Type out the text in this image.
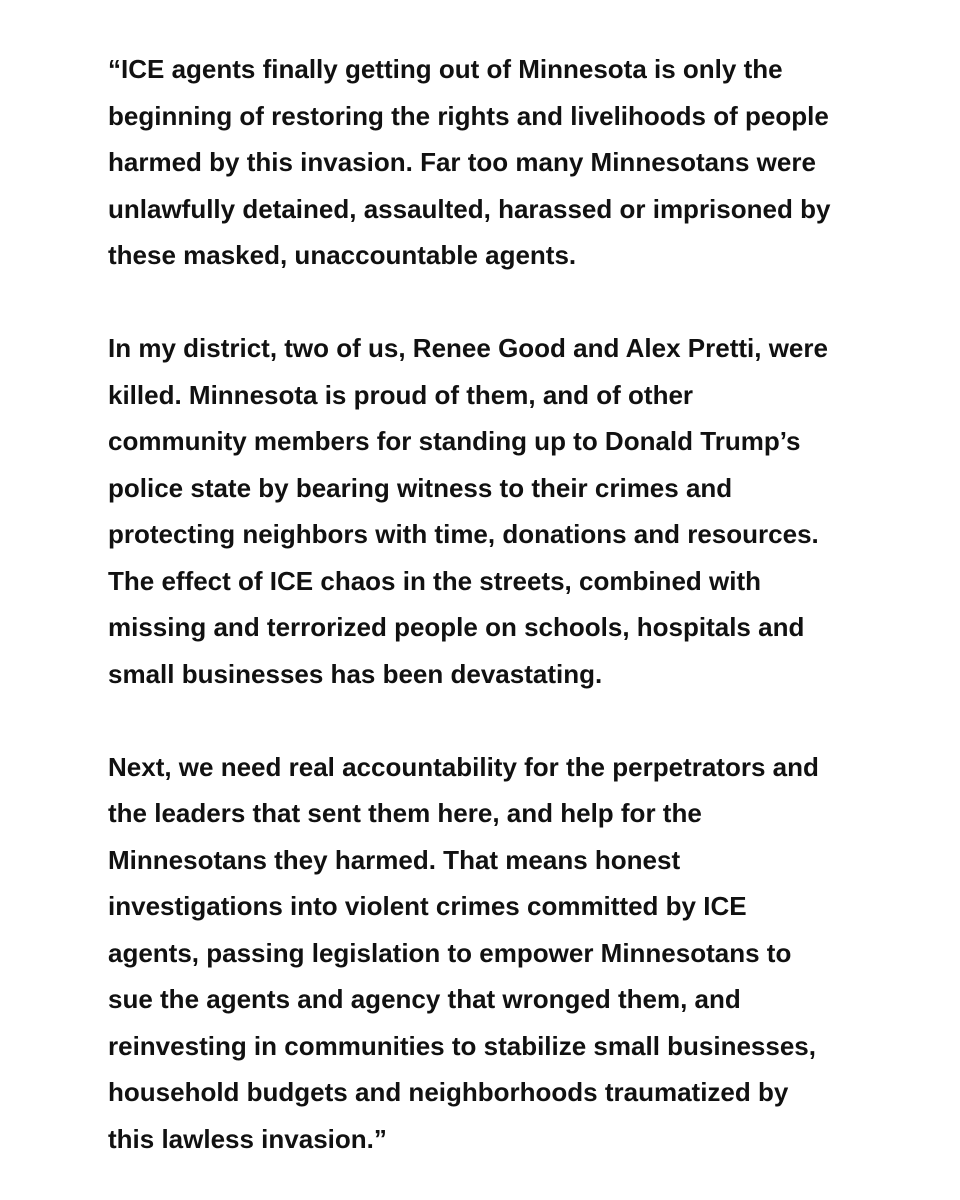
“ICE agents finally getting out of Minnesota is only the
beginning of restoring the rights and livelihoods of people
harmed by this invasion. Far too many Minnesotans were
unlawfully detained, assaulted, harassed or imprisoned by
these masked, unaccountable agents.

In my district, two of us, Renee Good and Alex Pretti, were
killed. Minnesota is proud of them, and of other
community members for standing up to Donald Trump’s
police state by bearing witness to their crimes and
protecting neighbors with time, donations and resources.
The effect of ICE chaos in the streets, combined with
missing and terrorized people on schools, hospitals and
small businesses has been devastating.

Next, we need real accountability for the perpetrators and
the leaders that sent them here, and help for the
Minnesotans they harmed. That means honest
investigations into violent crimes committed by ICE
agents, passing legislation to empower Minnesotans to
sue the agents and agency that wronged them, and
reinvesting in communities to stabilize small businesses,
household budgets and neighborhoods traumatized by
this lawless invasion.”
